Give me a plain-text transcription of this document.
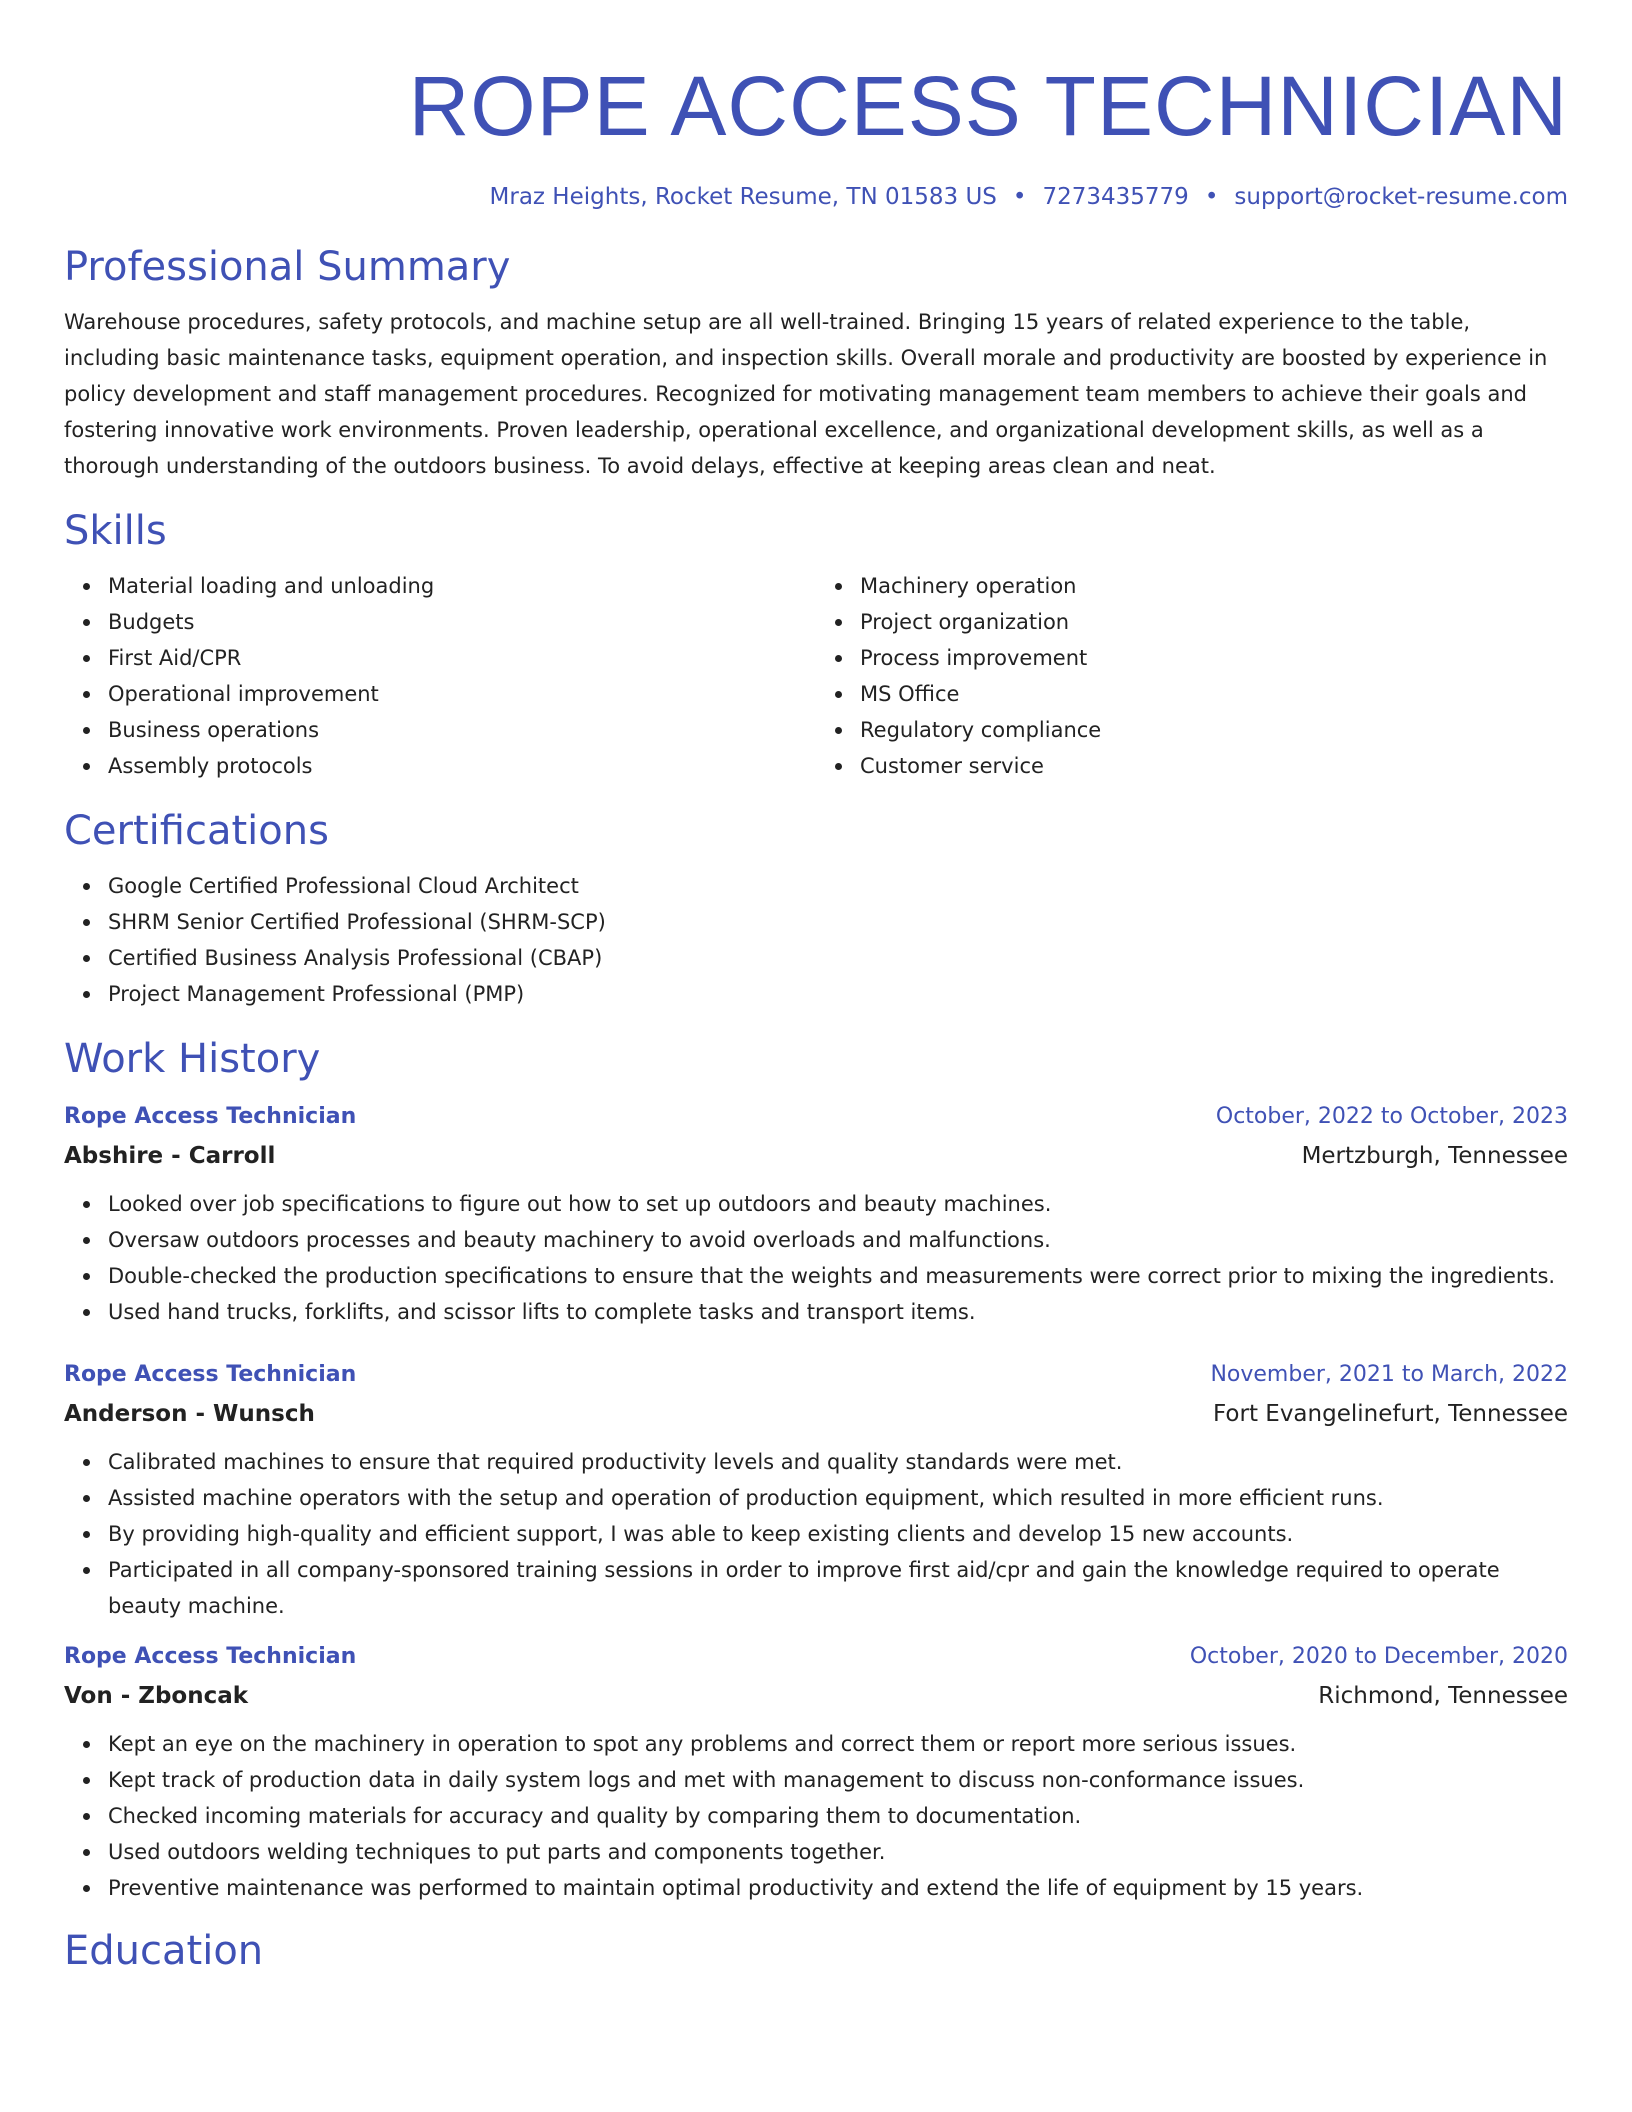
ROPE ACCESS TECHNICIAN
Mraz Heights, Rocket Resume, TN 01583 US • 7273435779 • support@rocket-resume.com
Professional Summary
Warehouse procedures, safety protocols, and machine setup are all well-trained. Bringing 15 years of related experience to the table, including basic maintenance tasks, equipment operation, and inspection skills. Overall morale and productivity are boosted by experience in policy development and staff management procedures. Recognized for motivating management team members to achieve their goals and fostering innovative work environments. Proven leadership, operational excellence, and organizational development skills, as well as a thorough understanding of the outdoors business. To avoid delays, effective at keeping areas clean and neat.
Skills
Material loading and unloading
Budgets
First Aid/CPR
Operational improvement
Business operations
Assembly protocols
Machinery operation
Project organization
Process improvement
MS Office
Regulatory compliance
Customer service
Certifications
Google Certified Professional Cloud Architect
SHRM Senior Certified Professional (SHRM-SCP)
Certified Business Analysis Professional (CBAP)
Project Management Professional (PMP)
Work History
Rope Access Technician	October, 2022 to October, 2023
Abshire - Carroll	Mertzburgh, Tennessee
Looked over job specifications to figure out how to set up outdoors and beauty machines.
Oversaw outdoors processes and beauty machinery to avoid overloads and malfunctions.
Double-checked the production specifications to ensure that the weights and measurements were correct prior to mixing the ingredients.
Used hand trucks, forklifts, and scissor lifts to complete tasks and transport items.
Rope Access Technician	November, 2021 to March, 2022
Anderson - Wunsch	Fort Evangelinefurt, Tennessee
Calibrated machines to ensure that required productivity levels and quality standards were met.
Assisted machine operators with the setup and operation of production equipment, which resulted in more efficient runs.
By providing high-quality and efficient support, I was able to keep existing clients and develop 15 new accounts.
Participated in all company-sponsored training sessions in order to improve first aid/cpr and gain the knowledge required to operate beauty machine.
Rope Access Technician	October, 2020 to December, 2020
Von - Zboncak	Richmond, Tennessee
Kept an eye on the machinery in operation to spot any problems and correct them or report more serious issues.
Kept track of production data in daily system logs and met with management to discuss non-conformance issues.
Checked incoming materials for accuracy and quality by comparing them to documentation.
Used outdoors welding techniques to put parts and components together.
Preventive maintenance was performed to maintain optimal productivity and extend the life of equipment by 15 years.
Education
